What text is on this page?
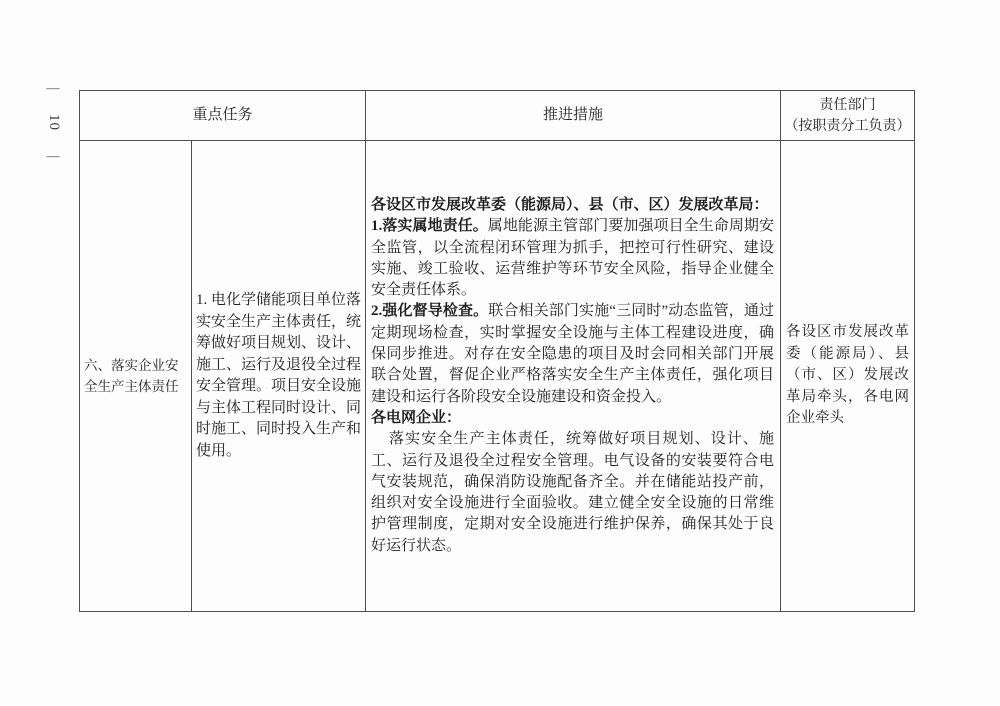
—
10
—
重点任务		推进措施	责任部门
（按职责分工负责）

六、落实企业安全生产主体责任	1. 电化学储能项目单位落实安全生产主体责任，统筹做好项目规划、设计、施工、运行及退役全过程安全管理。项目安全设施与主体工程同时设计、同时施工、同时投入生产和使用。	各设区市发展改革委（能源局）、县（市、区）发展改革局：

1.落实属地责任。属地能源主管部门要加强项目全生命周期安全监管，以全流程闭环管理为抓手，把控可行性研究、建设实施、竣工验收、运营维护等环节安全风险，指导企业健全安全责任体系。

2.强化督导检查。联合相关部门实施“三同时”动态监管，通过定期现场检查，实时掌握安全设施与主体工程建设进度，确保同步推进。对存在安全隐患的项目及时会同相关部门开展联合处置，督促企业严格落实安全生产主体责任，强化项目建设和运行各阶段安全设施建设和资金投入。

各电网企业：

落实安全生产主体责任，统筹做好项目规划、设计、施工、运行及退役全过程安全管理。电气设备的安装要符合电气安装规范，确保消防设施配备齐全。并在储能站投产前，组织对安全设施进行全面验收。建立健全安全设施的日常维护管理制度，定期对安全设施进行维护保养，确保其处于良好运行状态。	各设区市发展改革委（能源局）、县（市、区）发展改革局牵头，各电网企业牵头
